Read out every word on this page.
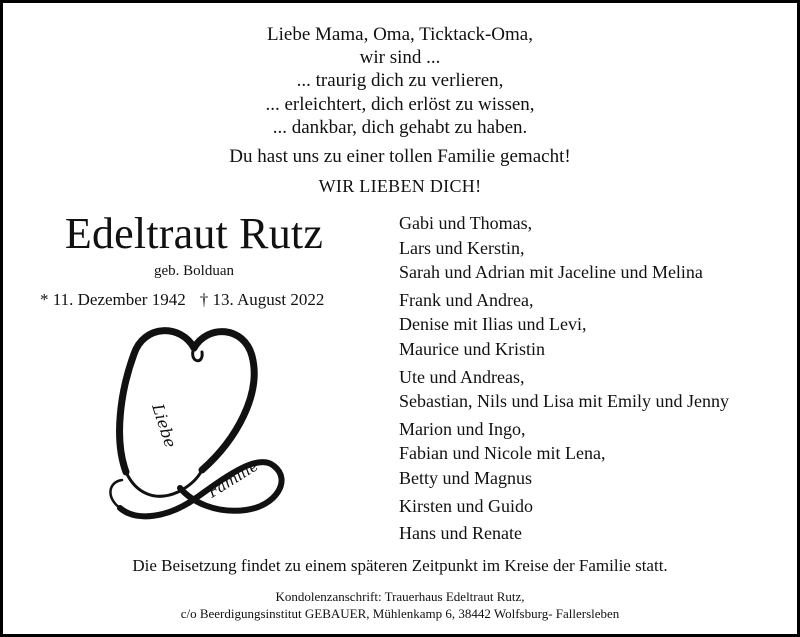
Liebe Mama, Oma, Ticktack-Oma,
wir sind ...
... traurig dich zu verlieren,
... erleichtert, dich erlöst zu wissen,
... dankbar, dich gehabt zu haben.
Du hast uns zu einer tollen Familie gemacht!
WIR LIEBEN DICH!
Edeltraut Rutz
geb. Bolduan
* 11. Dezember 1942 † 13. August 2022
Liebe
Familie
Gabi und Thomas,
Lars und Kerstin,
Sarah und Adrian mit Jaceline und Melina
Frank und Andrea,
Denise mit Ilias und Levi,
Maurice und Kristin
Ute und Andreas,
Sebastian, Nils und Lisa mit Emily und Jenny
Marion und Ingo,
Fabian und Nicole mit Lena,
Betty und Magnus
Kirsten und Guido
Hans und Renate
Die Beisetzung findet zu einem späteren Zeitpunkt im Kreise der Familie statt.
Kondolenzanschrift: Trauerhaus Edeltraut Rutz,
c/o Beerdigungsinstitut GEBAUER, Mühlenkamp 6, 38442 Wolfsburg- Fallersleben
